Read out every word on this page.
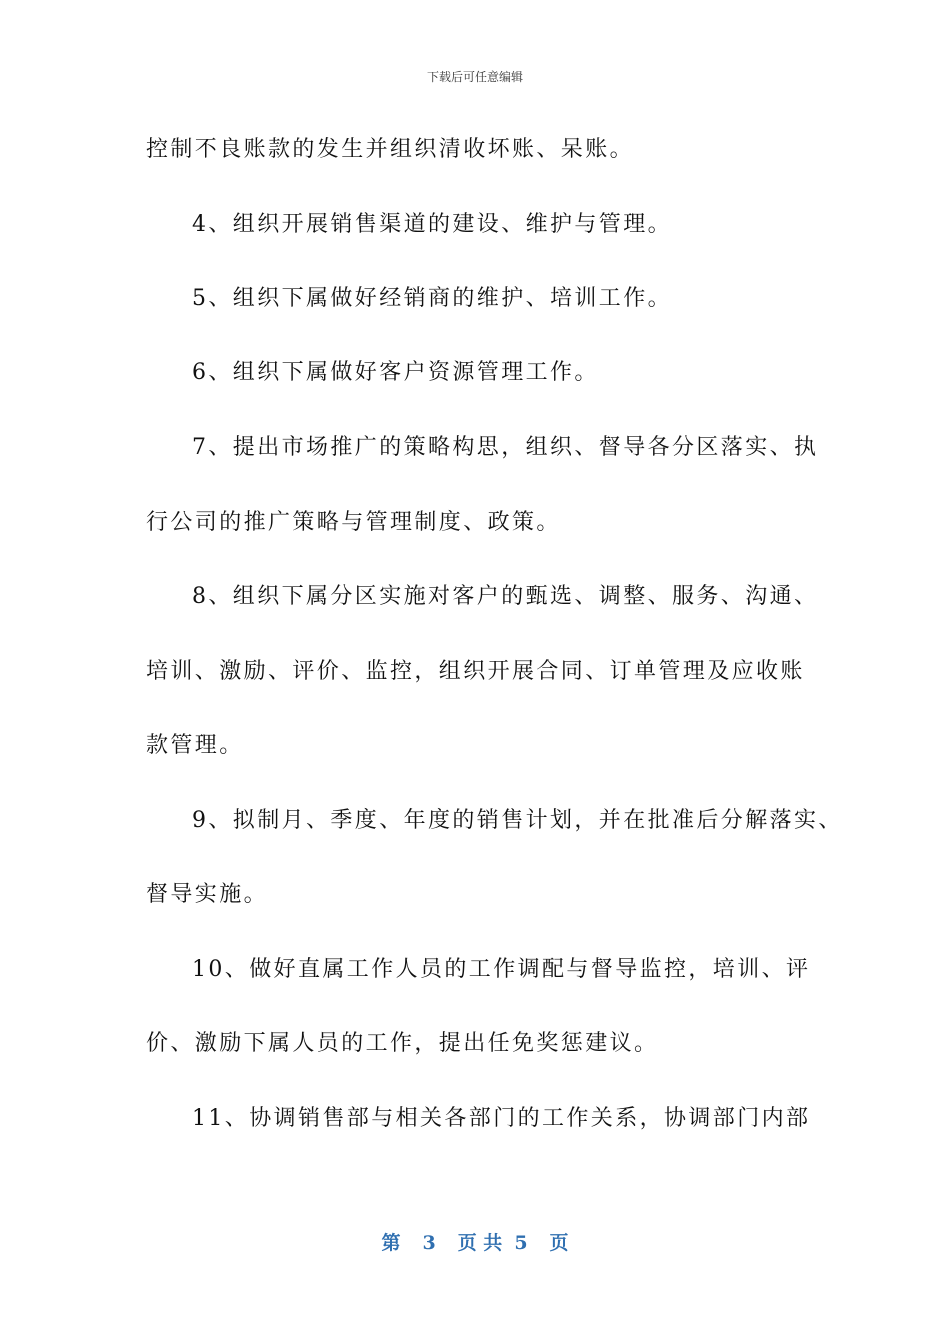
下载后可任意编辑
控制不良账款的发生并组织清收坏账、呆账。
4、组织开展销售渠道的建设、维护与管理。
5、组织下属做好经销商的维护、培训工作。
6、组织下属做好客户资源管理工作。
7、提出市场推广的策略构思，组织、督导各分区落实、执
行公司的推广策略与管理制度、政策。
8、组织下属分区实施对客户的甄选、调整、服务、沟通、
培训、激励、评价、监控，组织开展合同、订单管理及应收账
款管理。
9、拟制月、季度、年度的销售计划，并在批准后分解落实、
督导实施。
10、做好直属工作人员的工作调配与督导监控，培训、评
价、激励下属人员的工作，提出任免奖惩建议。
11、协调销售部与相关各部门的工作关系，协调部门内部
第 3 页 共 5 页
